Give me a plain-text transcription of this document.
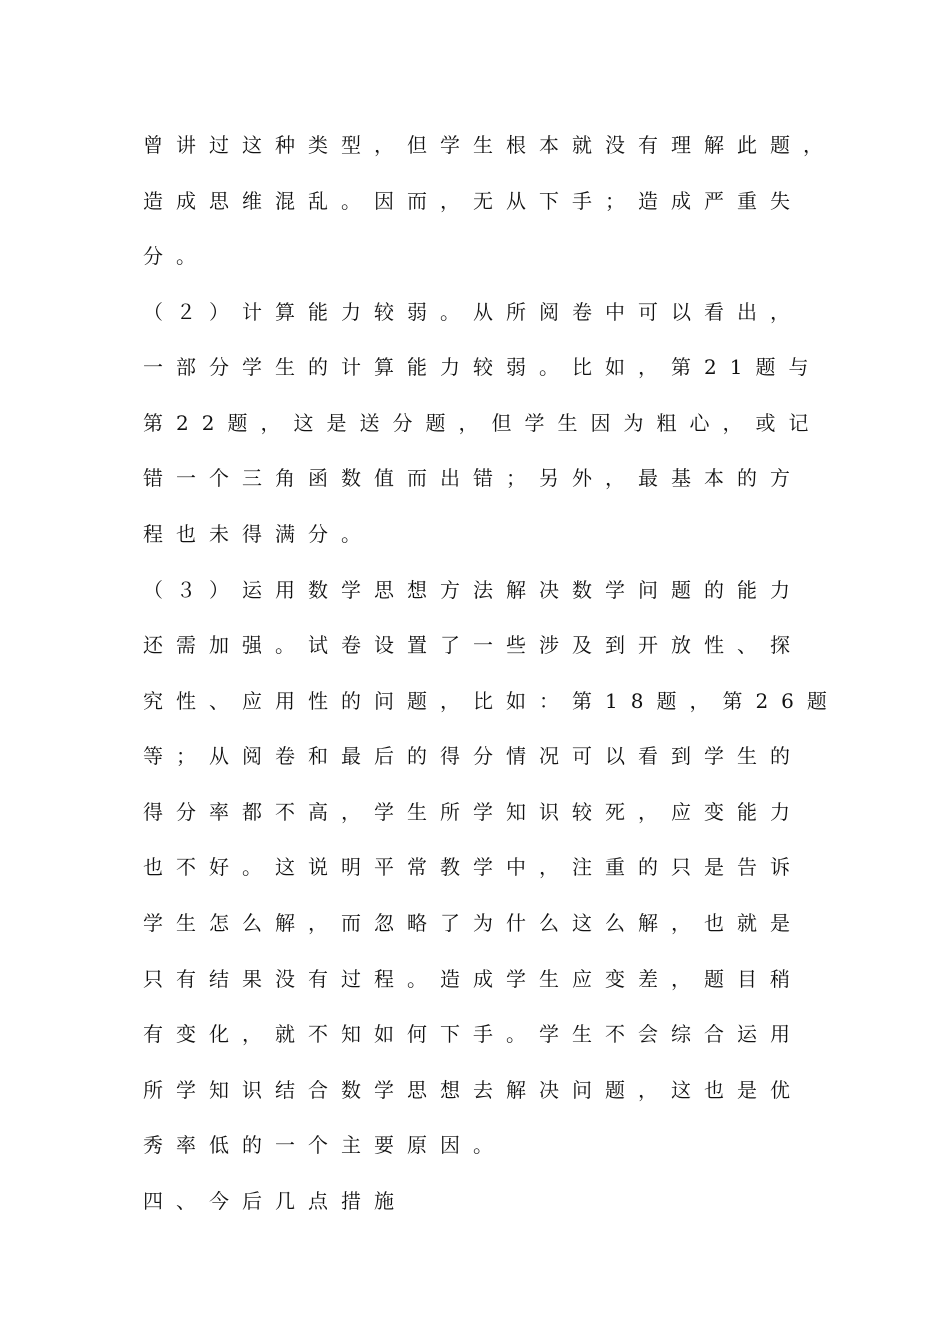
曾讲过这种类型，但学生根本就没有理解此题，

造成思维混乱。因而，无从下手；造成严重失

分。

（２）计算能力较弱。从所阅卷中可以看出，

一部分学生的计算能力较弱。比如，第21题与

第22题，这是送分题，但学生因为粗心，或记

错一个三角函数值而出错；另外，最基本的方

程也未得满分。

（３）运用数学思想方法解决数学问题的能力

还需加强。试卷设置了一些涉及到开放性、探

究性、应用性的问题，比如：第18题，第26题

等；从阅卷和最后的得分情况可以看到学生的

得分率都不高，学生所学知识较死，应变能力

也不好。这说明平常教学中，注重的只是告诉

学生怎么解，而忽略了为什么这么解，也就是

只有结果没有过程。造成学生应变差，题目稍

有变化，就不知如何下手。学生不会综合运用

所学知识结合数学思想去解决问题，这也是优

秀率低的一个主要原因。

四、今后几点措施
